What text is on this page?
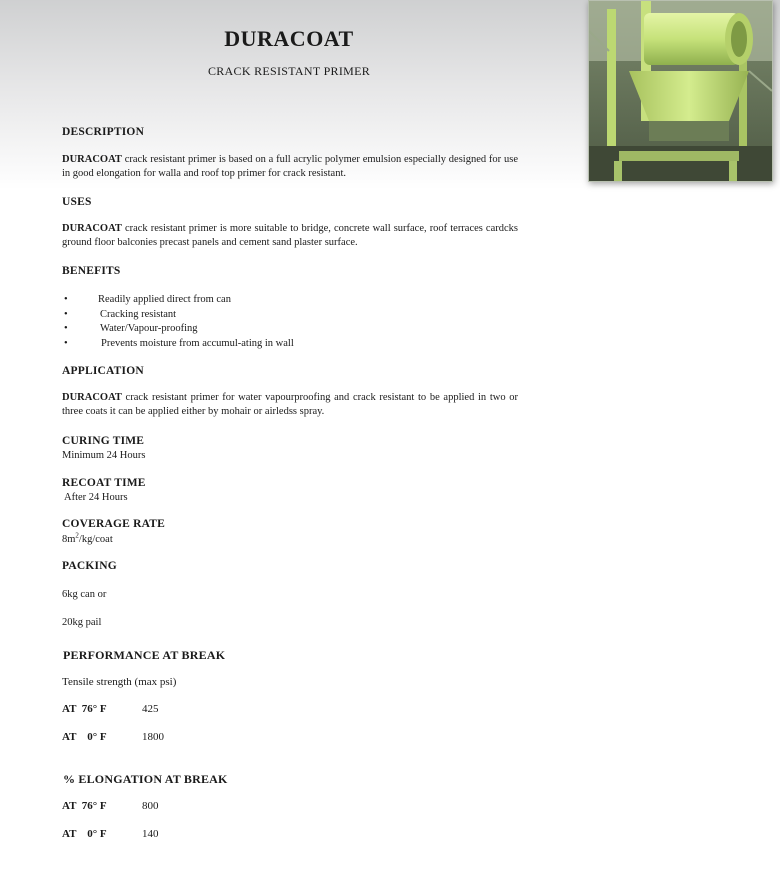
DURACOAT
CRACK RESISTANT PRIMER
DESCRIPTION
DURACOAT crack resistant primer is based on a full acrylic polymer emulsion especially designed for use in good elongation for walla and roof top primer for crack resistant.
USES
DURACOAT crack resistant primer is more suitable to bridge, concrete wall surface, roof terraces cardcks ground floor balconies precast panels and cement sand plaster surface.
BENEFITS
•	Readily applied direct from can
•	Cracking resistant
•	Water/Vapour-proofing
•	Prevents moisture from accumul-ating in wall
APPLICATION
DURACOAT crack resistant primer for water vapourproofing and crack resistant to be applied in two or three coats it can be applied either by mohair or airledss spray.
CURING TIME
Minimum 24 Hours
RECOAT TIME
After 24 Hours
COVERAGE RATE
$8m^2/kg$/coat
PACKING
6kg can or
20kg pail
PERFORMANCE AT BREAK
Tensile strength (max psi)
AT  76° F	425
AT    0° F	1800
% ELONGATION AT BREAK
AT  76° F	800
AT    0° F	140
